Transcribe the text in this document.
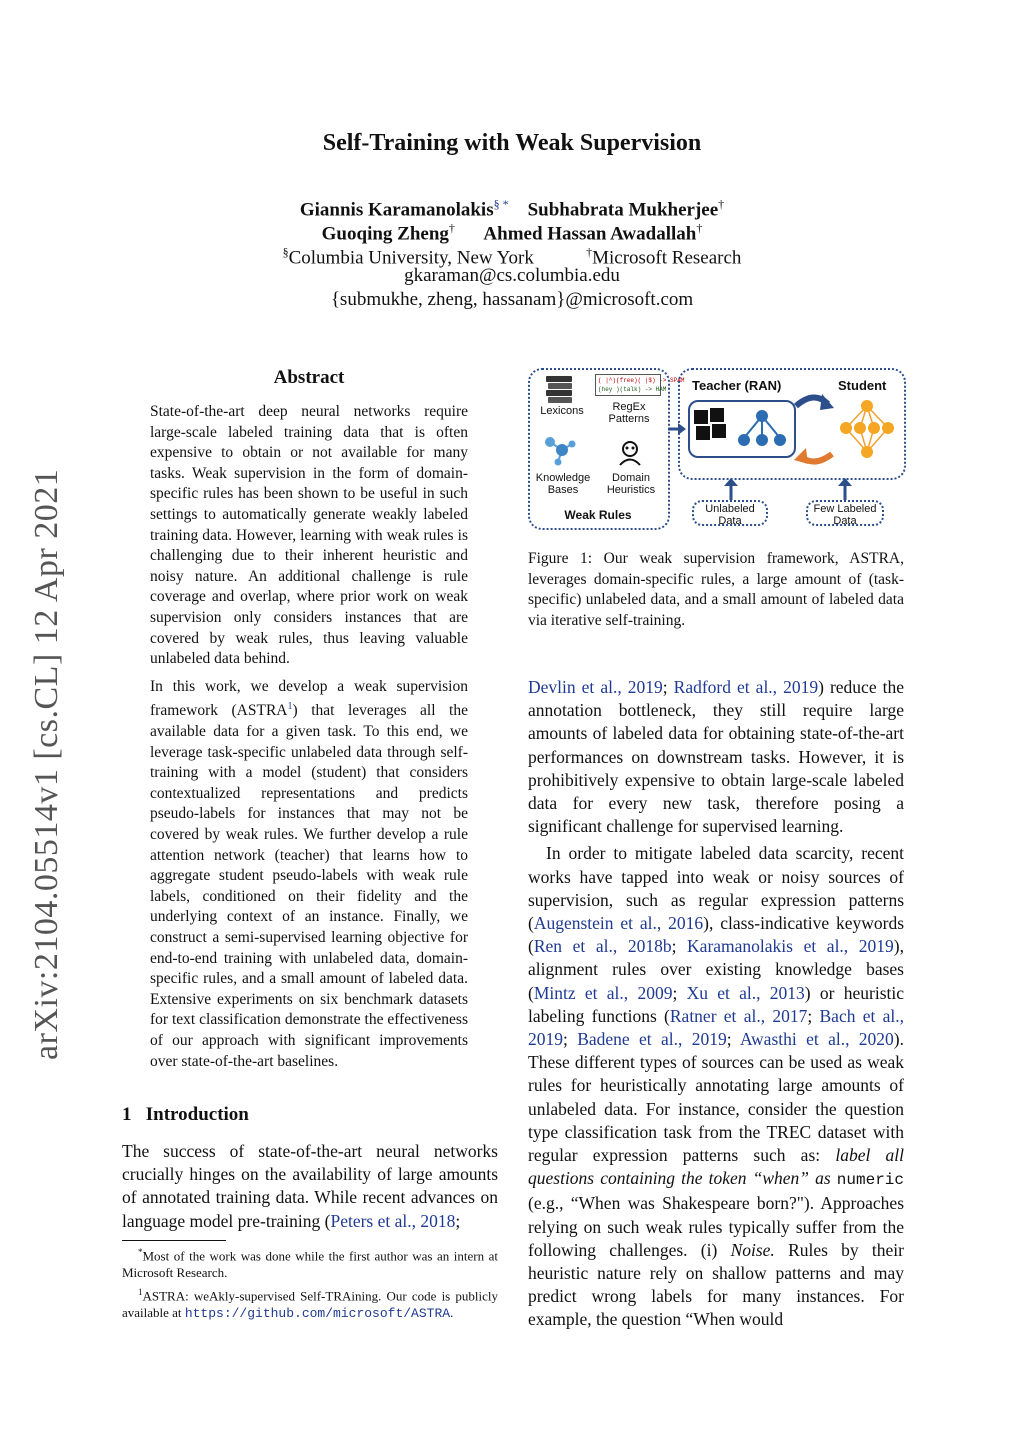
arXiv:2104.05514v1 [cs.CL] 12 Apr 2021
Self-Training with Weak Supervision
Giannis Karamanolakis§ * Subhabrata Mukherjee†
Guoqing Zheng† Ahmed Hassan Awadallah†
§Columbia University, New York	†Microsoft Research
gkaraman@cs.columbia.edu
{submukhe, zheng, hassanam}@microsoft.com
Abstract

State-of-the-art deep neural networks require large-scale labeled training data that is often expensive to obtain or not available for many tasks. Weak supervision in the form of domain-specific rules has been shown to be useful in such settings to automatically generate weakly labeled training data. However, learning with weak rules is challenging due to their inherent heuristic and noisy nature. An additional challenge is rule coverage and overlap, where prior work on weak supervision only considers instances that are covered by weak rules, thus leaving valuable unlabeled data behind.

In this work, we develop a weak supervision framework (ASTRA$^1$) that leverages all the available data for a given task. To this end, we leverage task-specific unlabeled data through self-training with a model (student) that considers contextualized representations and predicts pseudo-labels for instances that may not be covered by weak rules. We further develop a rule attention network (teacher) that learns how to aggregate student pseudo-labels with weak rule labels, conditioned on their fidelity and the underlying context of an instance. Finally, we construct a semi-supervised learning objective for end-to-end training with unlabeled data, domain-specific rules, and a small amount of labeled data. Extensive experiments on six benchmark datasets for text classification demonstrate the effectiveness of our approach with significant improvements over state-of-the-art baselines.

1 Introduction

The success of state-of-the-art neural networks crucially hinges on the availability of large amounts of annotated training data. While recent advances on language model pre-training (Peters et al., 2018;

*Most of the work was done while the first author was an intern at Microsoft Research.

$^1$ASTRA: weAkly-supervised Self-TRAining. Our code is publicly available at https://github.com/microsoft/ASTRA.

Lexicons
( |^)(free)( |$) -> SPAM
(hey )(talk) -> HAM
RegEx Patterns
Knowledge Bases
Domain Heuristics
Weak Rules
Teacher (RAN)	Student
Unlabeled Data
Few Labeled Data
Figure 1: Our weak supervision framework, ASTRA, leverages domain-specific rules, a large amount of (task-specific) unlabeled data, and a small amount of labeled data via iterative self-training.

Devlin et al., 2019; Radford et al., 2019) reduce the annotation bottleneck, they still require large amounts of labeled data for obtaining state-of-the-art performances on downstream tasks. However, it is prohibitively expensive to obtain large-scale labeled data for every new task, therefore posing a significant challenge for supervised learning.

In order to mitigate labeled data scarcity, recent works have tapped into weak or noisy sources of supervision, such as regular expression patterns (Augenstein et al., 2016), class-indicative keywords (Ren et al., 2018b; Karamanolakis et al., 2019), alignment rules over existing knowledge bases (Mintz et al., 2009; Xu et al., 2013) or heuristic labeling functions (Ratner et al., 2017; Bach et al., 2019; Badene et al., 2019; Awasthi et al., 2020). These different types of sources can be used as weak rules for heuristically annotating large amounts of unlabeled data. For instance, consider the question type classification task from the TREC dataset with regular expression patterns such as: label all questions containing the token “when” as numeric (e.g., “When was Shakespeare born?"). Approaches relying on such weak rules typically suffer from the following challenges. (i) Noise. Rules by their heuristic nature rely on shallow patterns and may predict wrong labels for many instances. For example, the question “When would
